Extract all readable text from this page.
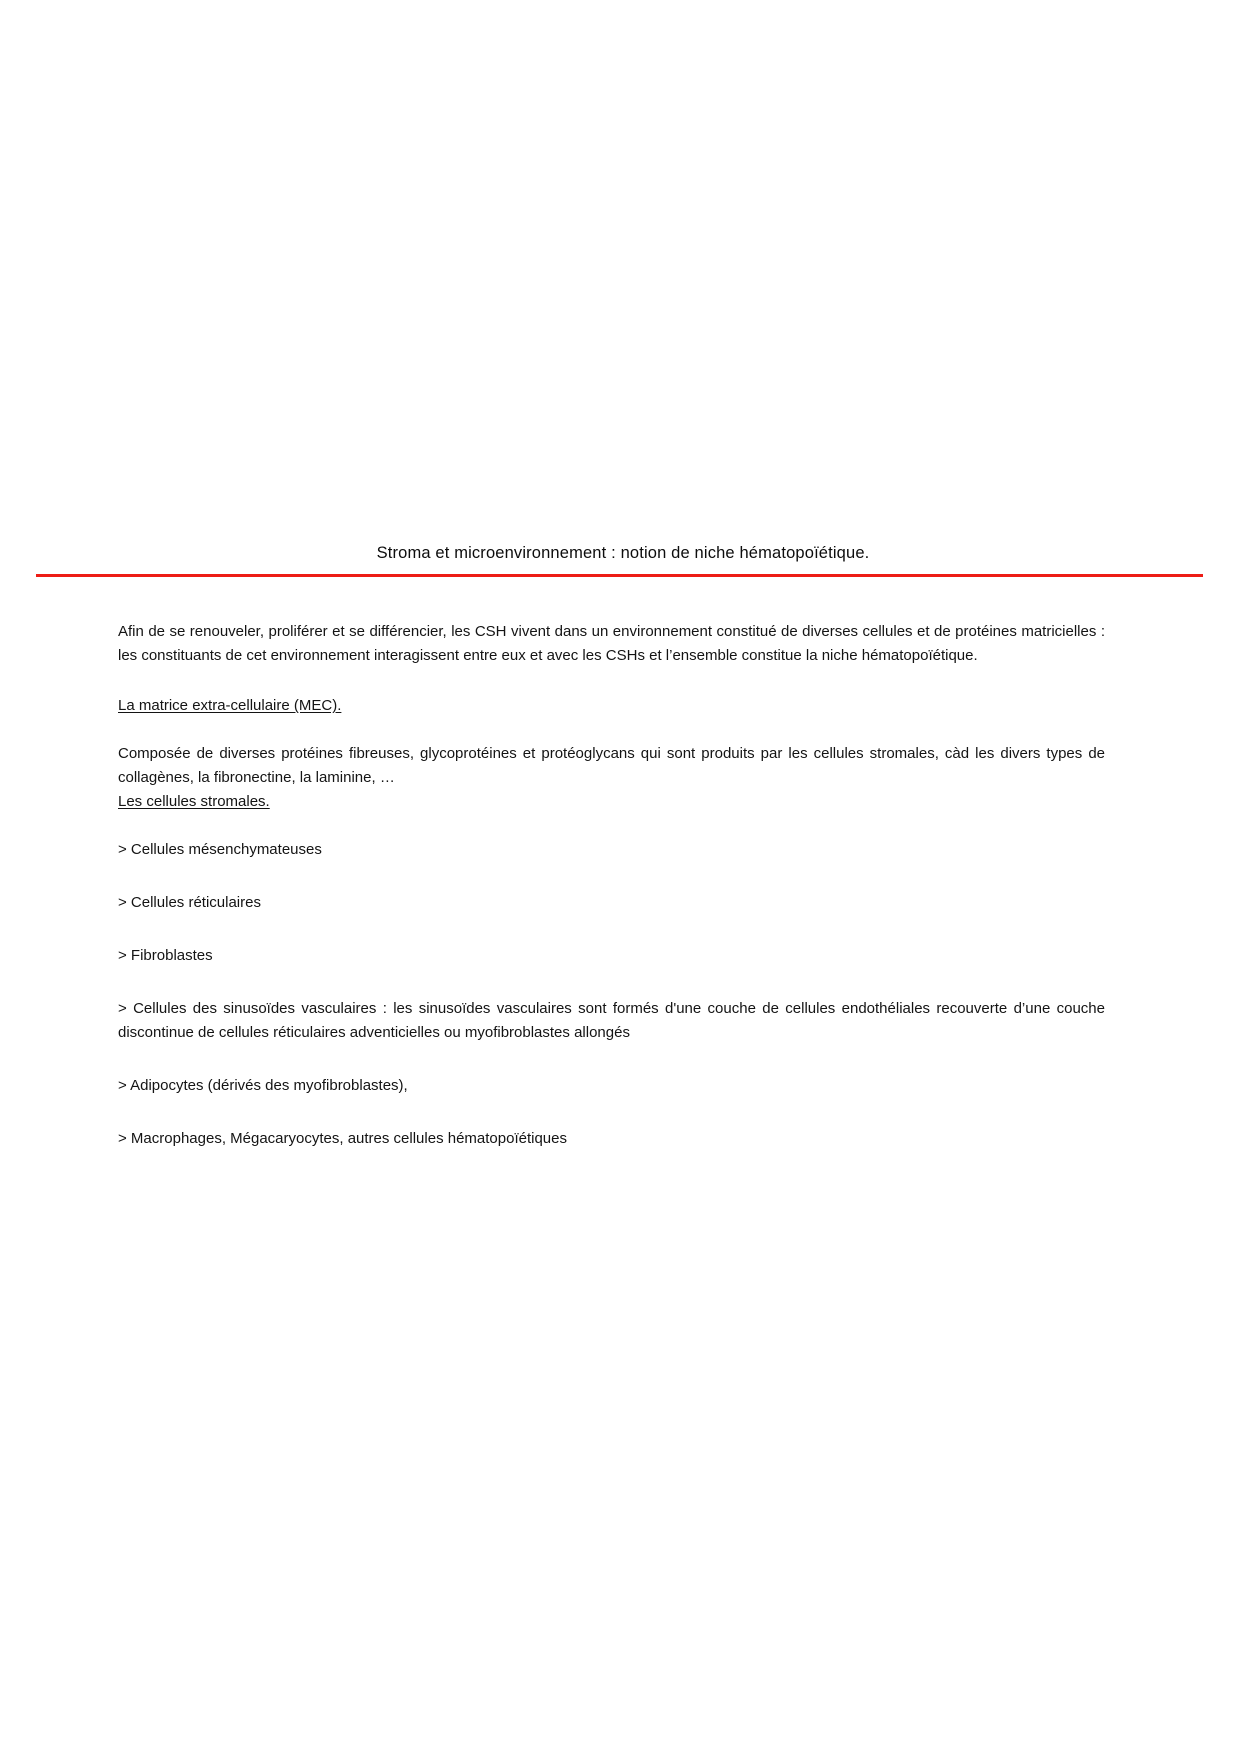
Stroma et microenvironnement : notion de niche hématopoïétique.

Afin de se renouveler, proliférer et se différencier, les CSH vivent dans un environnement constitué de diverses cellules et de protéines matricielles : les constituants de cet environnement interagissent entre eux et avec les CSHs et l’ensemble constitue la niche hématopoïétique.

La matrice extra-cellulaire (MEC).

Composée de diverses protéines fibreuses, glycoprotéines et protéoglycans qui sont produits par les cellules stromales, càd les divers types de collagènes, la fibronectine, la laminine, …

Les cellules stromales.

> Cellules mésenchymateuses
> Cellules réticulaires
> Fibroblastes
> Cellules des sinusoïdes vasculaires : les sinusoïdes vasculaires sont formés d'une couche de cellules endothéliales recouverte d’une couche discontinue de cellules réticulaires adventicielles ou myofibroblastes allongés
> Adipocytes (dérivés des myofibroblastes),
> Macrophages, Mégacaryocytes, autres cellules hématopoïétiques
